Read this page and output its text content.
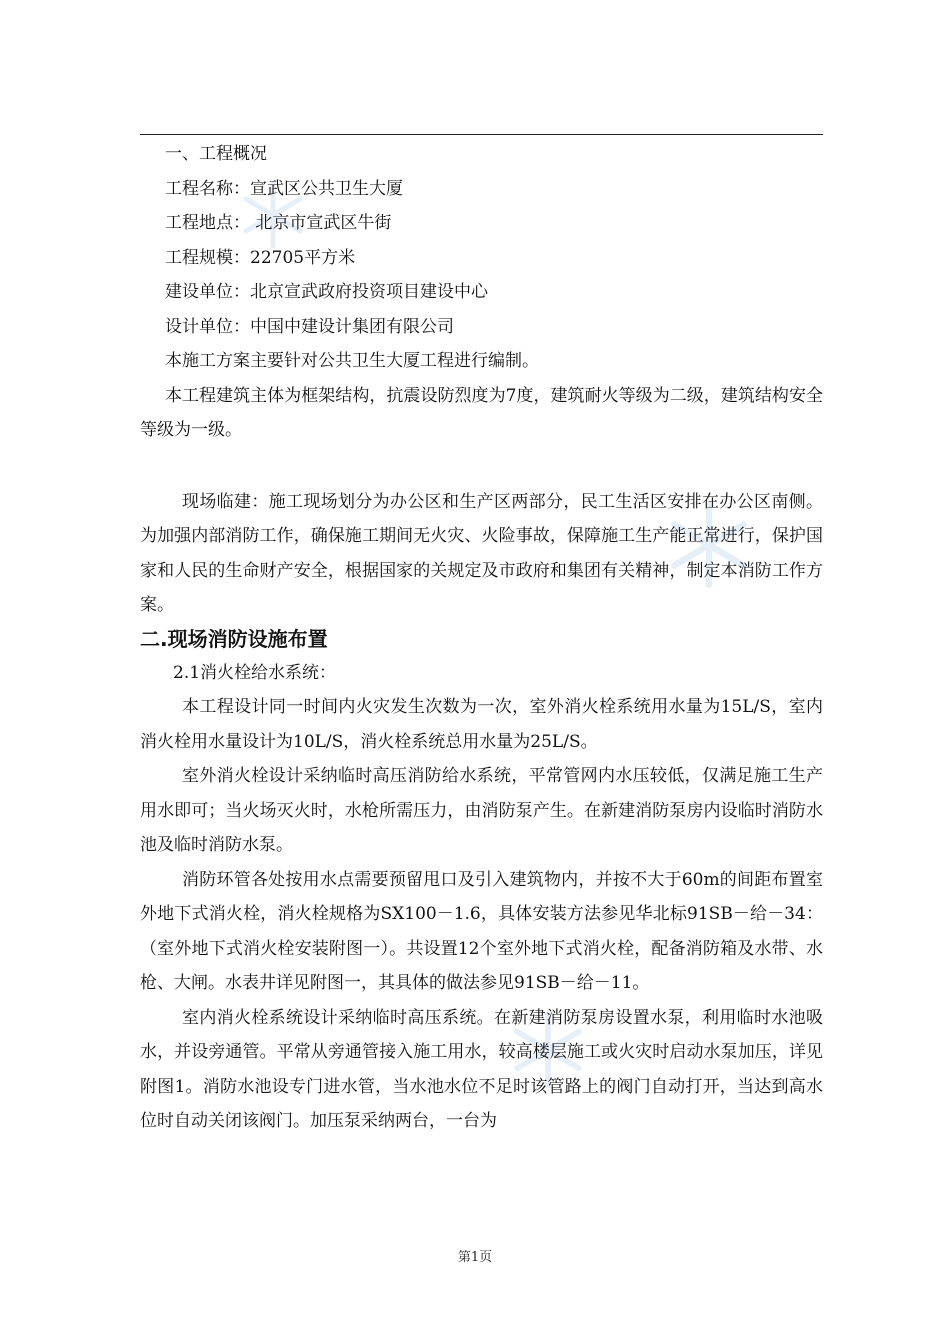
一、工程概况
工程名称：宣武区公共卫生大厦
工程地点： 北京市宣武区牛街
工程规模：22705平方米
建设单位：北京宣武政府投资项目建设中心
设计单位：中国中建设计集团有限公司
本施工方案主要针对公共卫生大厦工程进行编制。

本工程建筑主体为框架结构，抗震设防烈度为7度，建筑耐火等级为二级，建筑结构安全等级为一级。

现场临建：施工现场划分为办公区和生产区两部分，民工生活区安排在办公区南侧。为加强内部消防工作，确保施工期间无火灾、火险事故，保障施工生产能正常进行，保护国家和人民的生命财产安全，根据国家的关规定及市政府和集团有关精神，制定本消防工作方案。

二.现场消防设施布置
2.1消火栓给水系统：

本工程设计同一时间内火灾发生次数为一次，室外消火栓系统用水量为15L/S，室内消火栓用水量设计为10L/S，消火栓系统总用水量为25L/S。

室外消火栓设计采纳临时高压消防给水系统，平常管网内水压较低，仅满足施工生产用水即可；当火场灭火时，水枪所需压力，由消防泵产生。在新建消防泵房内设临时消防水池及临时消防水泵。

消防环管各处按用水点需要预留甩口及引入建筑物内，并按不大于60m的间距布置室外地下式消火栓，消火栓规格为SX100－1.6，具体安装方法参见华北标91SB－给－34：（室外地下式消火栓安装附图一）。共设置12个室外地下式消火栓，配备消防箱及水带、水枪、大闸。水表井详见附图一，其具体的做法参见91SB－给－11。

室内消火栓系统设计采纳临时高压系统。在新建消防泵房设置水泵，利用临时水池吸水，并设旁通管。平常从旁通管接入施工用水，较高楼层施工或火灾时启动水泵加压，详见附图1。消防水池设专门进水管，当水池水位不足时该管路上的阀门自动打开，当达到高水位时自动关闭该阀门。加压泵采纳两台，一台为

第1页
